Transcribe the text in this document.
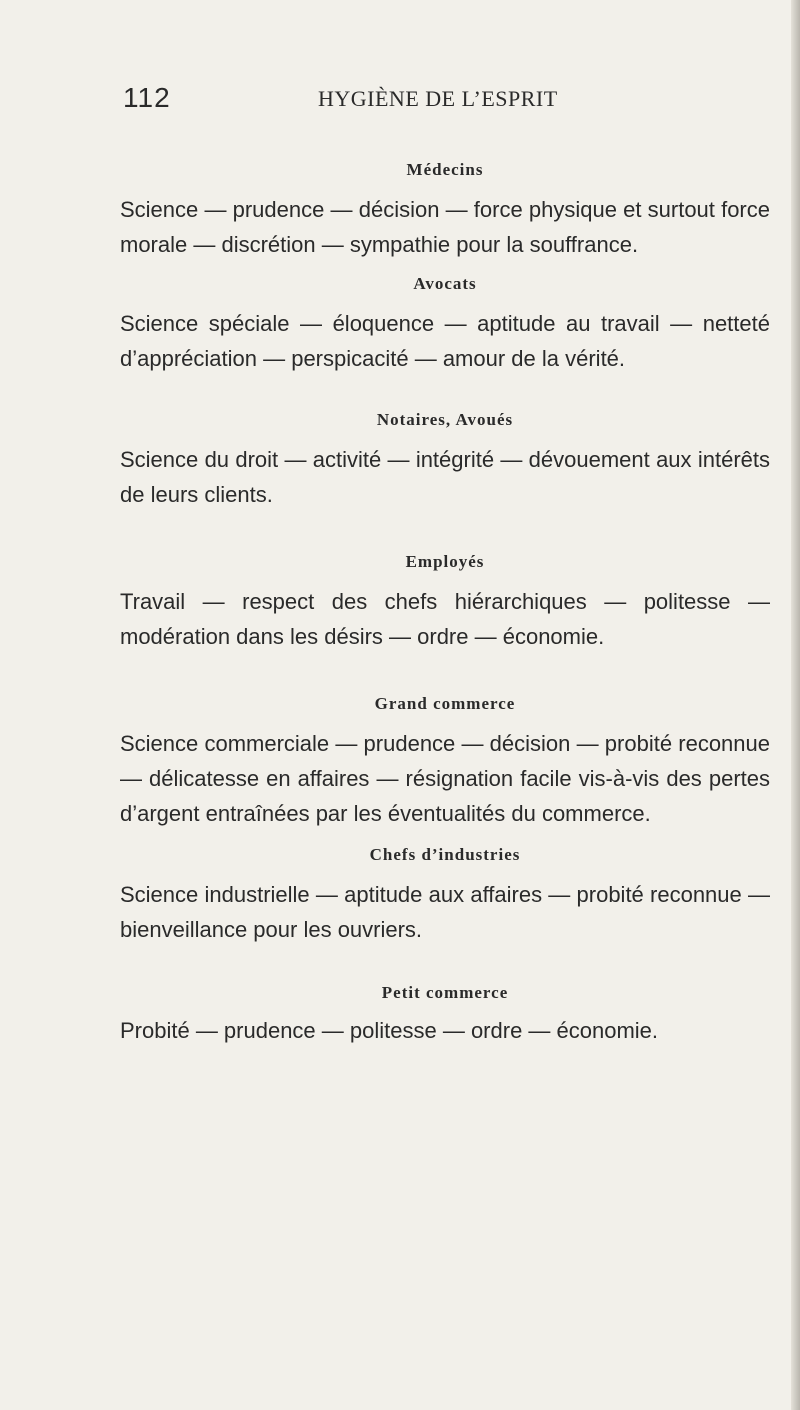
112	HYGIÈNE DE L’ESPRIT

Médecins

Science — prudence — décision — force physique et surtout force morale — discrétion — sympathie pour la souffrance.

Avocats

Science spéciale — éloquence — aptitude au travail — netteté d’appréciation — perspicacité — amour de la vérité.

Notaires, Avoués

Science du droit — activité — intégrité — dévouement aux intérêts de leurs clients.

Employés

Travail — respect des chefs hiérarchiques — politesse — modération dans les désirs — ordre — économie.

Grand commerce

Science commerciale — prudence — décision — probité reconnue — délicatesse en affaires — résignation facile vis-à-vis des pertes d’argent entraînées par les éventualités du commerce.

Chefs d’industries

Science industrielle — aptitude aux affaires — probité reconnue — bienveillance pour les ouvriers.

Petit commerce

Probité — prudence — politesse — ordre — économie.
